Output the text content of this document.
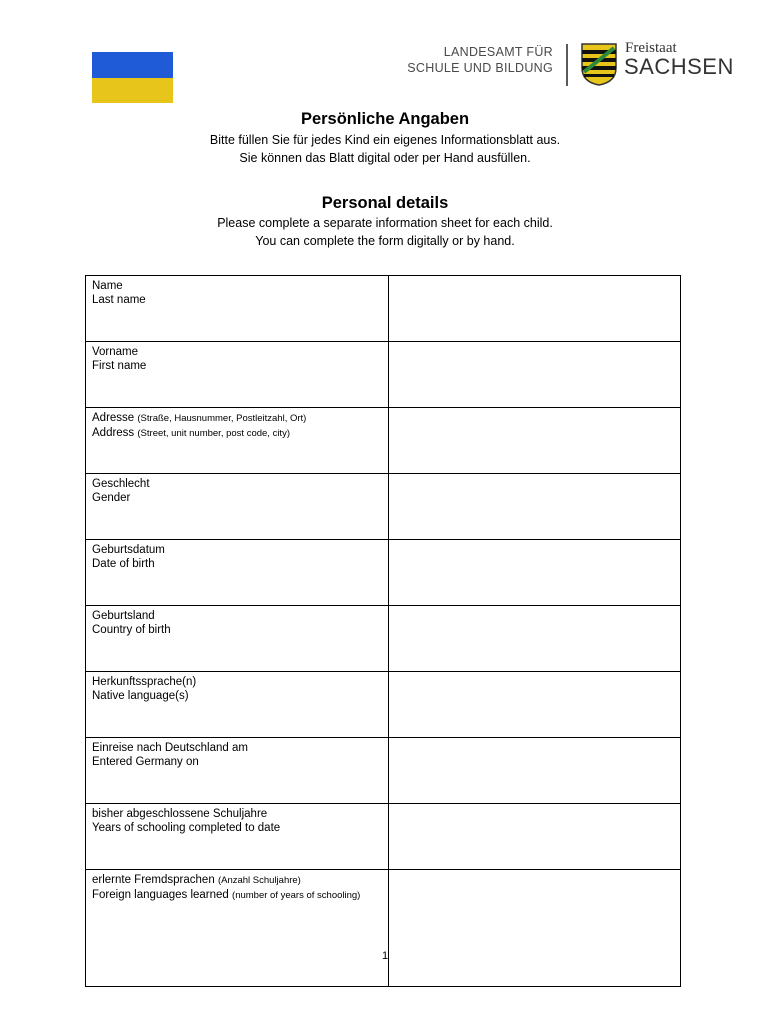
LANDESAMT FÜR
SCHULE UND BILDUNG
Freistaat
SACHSEN
Persönliche Angaben
Bitte füllen Sie für jedes Kind ein eigenes Informationsblatt aus.
Sie können das Blatt digital oder per Hand ausfüllen.
Personal details
Please complete a separate information sheet for each child.
You can complete the form digitally or by hand.
Name
Last name

Vorname
First name

Adresse (Straße, Hausnummer, Postleitzahl, Ort)
Address (Street, unit number, post code, city)

Geschlecht
Gender

Geburtsdatum
Date of birth

Geburtsland
Country of birth

Herkunftssprache(n)
Native language(s)

Einreise nach Deutschland am
Entered Germany on

bisher abgeschlossene Schuljahre
Years of schooling completed to date

erlernte Fremdsprachen (Anzahl Schuljahre)
Foreign languages learned (number of years of schooling)

1
